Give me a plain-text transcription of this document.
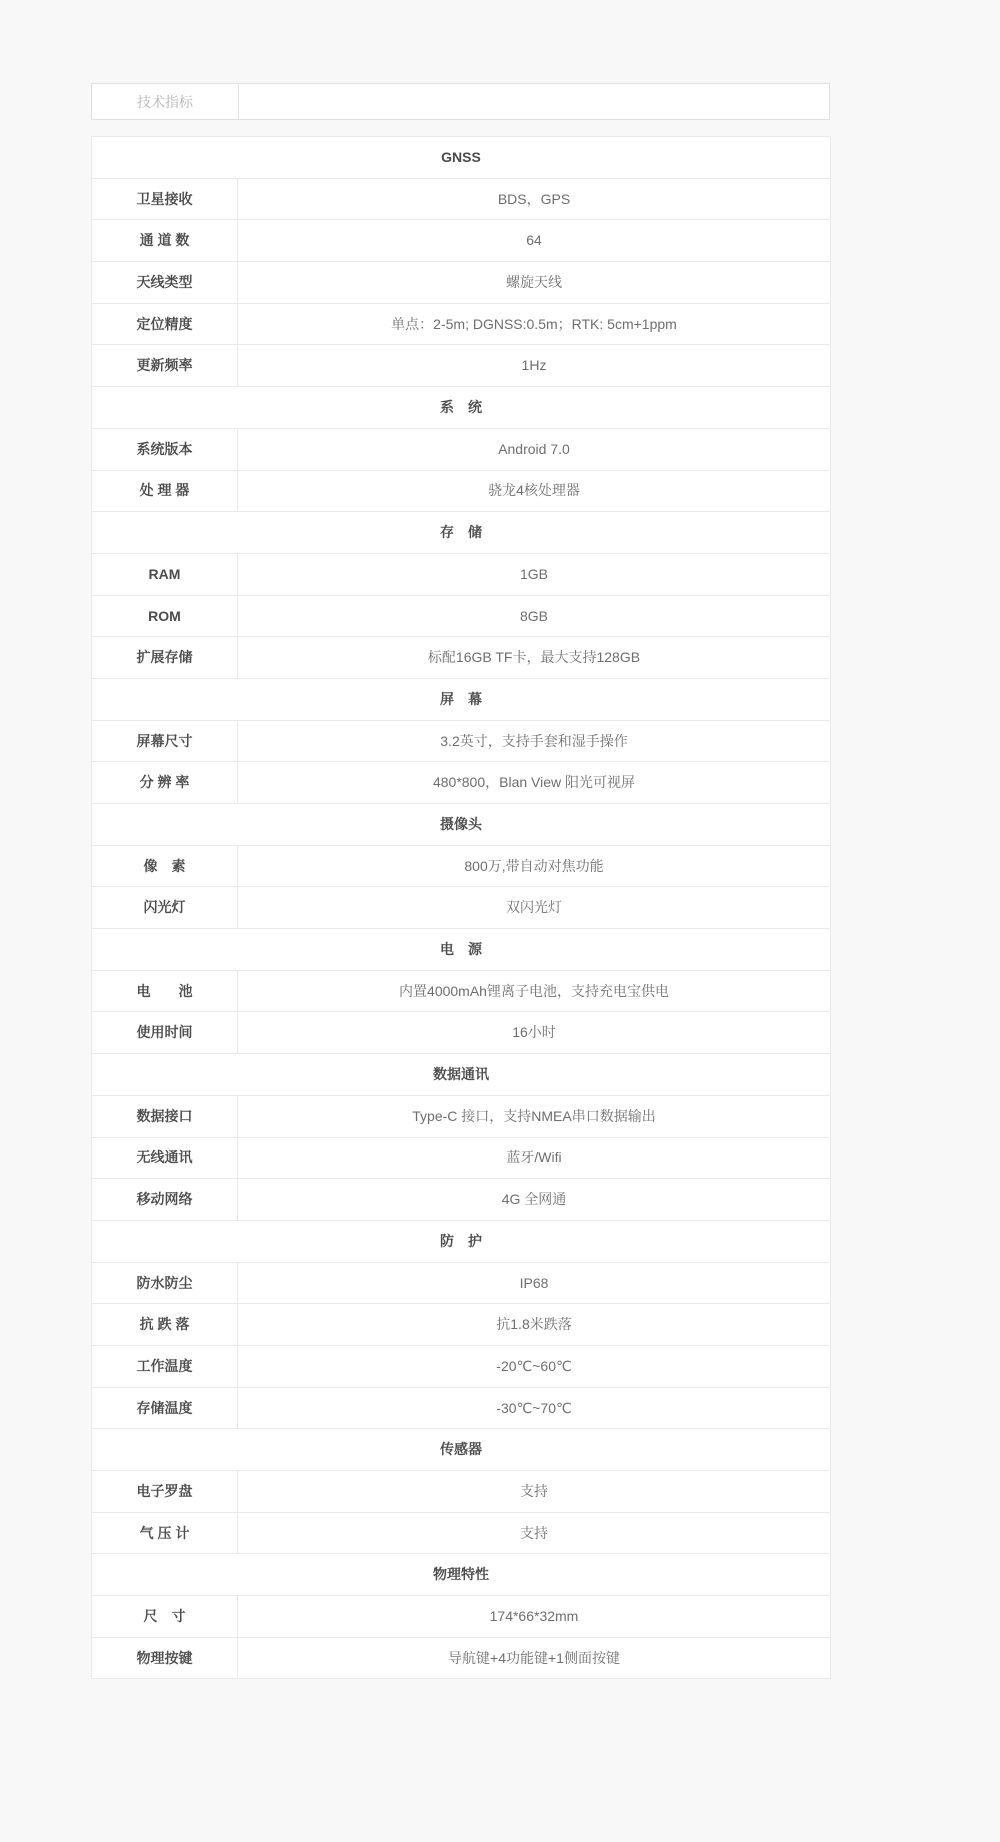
技术指标
GNSS	
卫星接收	BDS，GPS
通 道 数	64
天线类型	螺旋天线
定位精度	单点：2-5m; DGNSS:0.5m；RTK: 5cm+1ppm
更新频率	1Hz
系　统	
系统版本	Android 7.0
处 理 器	骁龙4核处理器
存　储	
RAM	1GB
ROM	8GB
扩展存储	标配16GB TF卡，最大支持128GB
屏　幕	
屏幕尺寸	3.2英寸，支持手套和湿手操作
分 辨 率	480*800，Blan View 阳光可视屏
摄像头	
像　素	800万,带自动对焦功能
闪光灯	双闪光灯
电　源	
电　　池	内置4000mAh锂离子电池，支持充电宝供电
使用时间	16小时
数据通讯	
数据接口	Type-C 接口，支持NMEA串口数据输出
无线通讯	蓝牙/Wifi
移动网络	4G 全网通
防　护	
防水防尘	IP68
抗 跌 落	抗1.8米跌落
工作温度	-20℃~60℃
存储温度	-30℃~70℃
传感器	
电子罗盘	支持
气 压 计	支持
物理特性	
尺　寸	174*66*32mm
物理按键	导航键+4功能键+1侧面按键
